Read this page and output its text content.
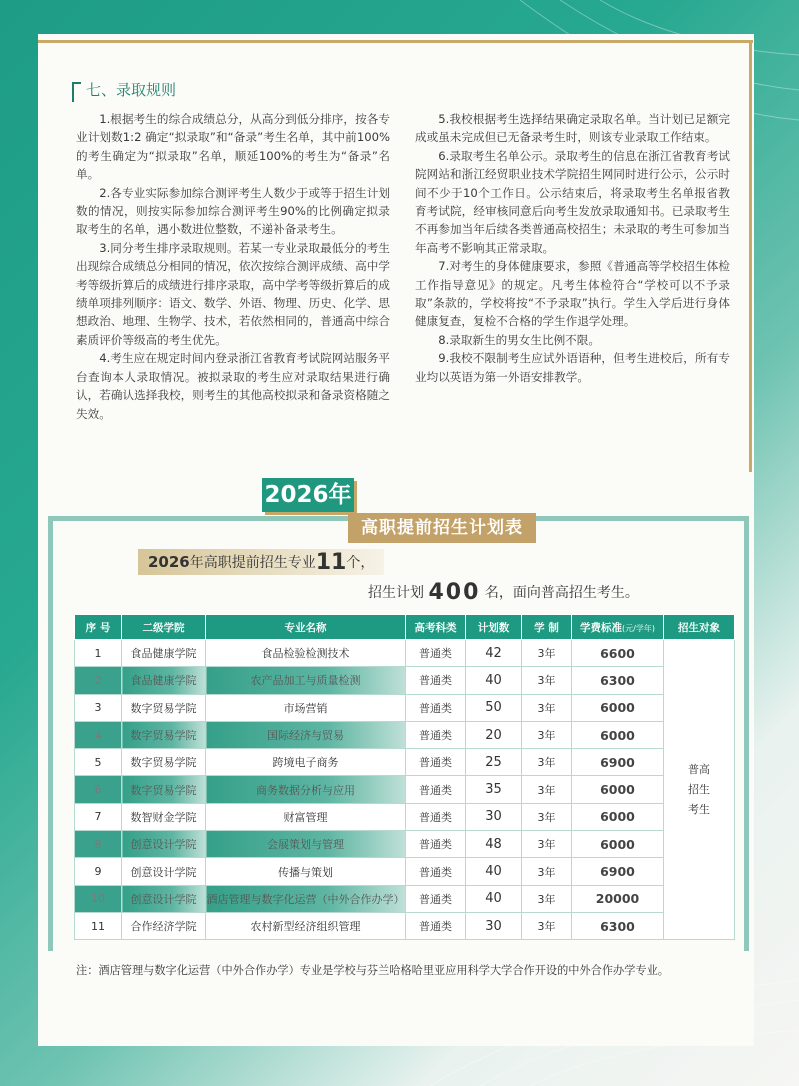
七、录取规则

1.根据考生的综合成绩总分，从高分到低分排序，按各专业计划数1:2 确定“拟录取”和“备录”考生名单，其中前100%的考生确定为“拟录取”名单，顺延100%的考生为“备录”名单。

2.各专业实际参加综合测评考生人数少于或等于招生计划数的情况，则按实际参加综合测评考生90%的比例确定拟录取考生的名单，遇小数进位整数，不递补备录考生。

3.同分考生排序录取规则。若某一专业录取最低分的考生出现综合成绩总分相同的情况，依次按综合测评成绩、高中学考等级折算后的成绩进行排序录取，高中学考等级折算后的成绩单项排列顺序：语文、数学、外语、物理、历史、化学、思想政治、地理、生物学、技术，若依然相同的，普通高中综合素质评价等级高的考生优先。

4.考生应在规定时间内登录浙江省教育考试院网站服务平台查询本人录取情况。被拟录取的考生应对录取结果进行确认，若确认选择我校，则考生的其他高校拟录和备录资格随之失效。

5.我校根据考生选择结果确定录取名单。当计划已足额完成或虽未完成但已无备录考生时，则该专业录取工作结束。

6.录取考生名单公示。录取考生的信息在浙江省教育考试院网站和浙江经贸职业技术学院招生网同时进行公示，公示时间不少于10个工作日。公示结束后，将录取考生名单报省教育考试院，经审核同意后向考生发放录取通知书。已录取考生不再参加当年后续各类普通高校招生；未录取的考生可参加当年高考不影响其正常录取。

7.对考生的身体健康要求，参照《普通高等学校招生体检工作指导意见》的规定。凡考生体检符合“学校可以不予录取”条款的，学校将按“不予录取”执行。学生入学后进行身体健康复查，复检不合格的学生作退学处理。

8.录取新生的男女生比例不限。

9.我校不限制考生应试外语语种，但考生进校后，所有专业均以英语为第一外语安排教学。

2026年
高职提前招生计划表
2026年高职提前招生专业11个，
招生计划 400 名，面向普高招生考生。
序 号	二级学院	专业名称	高考科类	计划数	学 制	学费标准(元/学年)	招生对象
1	食品健康学院	食品检验检测技术	普通类	42	3年	6600	普高
招生
考生

2	食品健康学院	农产品加工与质量检测	普通类	40	3年	6300	
3	数字贸易学院	市场营销	普通类	50	3年	6000	
4	数字贸易学院	国际经济与贸易	普通类	20	3年	6000	
5	数字贸易学院	跨境电子商务	普通类	25	3年	6900	
6	数字贸易学院	商务数据分析与应用	普通类	35	3年	6000	
7	数智财金学院	财富管理	普通类	30	3年	6000	
8	创意设计学院	会展策划与管理	普通类	48	3年	6000	
9	创意设计学院	传播与策划	普通类	40	3年	6900	
10	创意设计学院	酒店管理与数字化运营（中外合作办学）	普通类	40	3年	20000	
11	合作经济学院	农村新型经济组织管理	普通类	30	3年	6300	
注：酒店管理与数字化运营（中外合作办学）专业是学校与芬兰哈格哈里亚应用科学大学合作开设的中外合作办学专业。
